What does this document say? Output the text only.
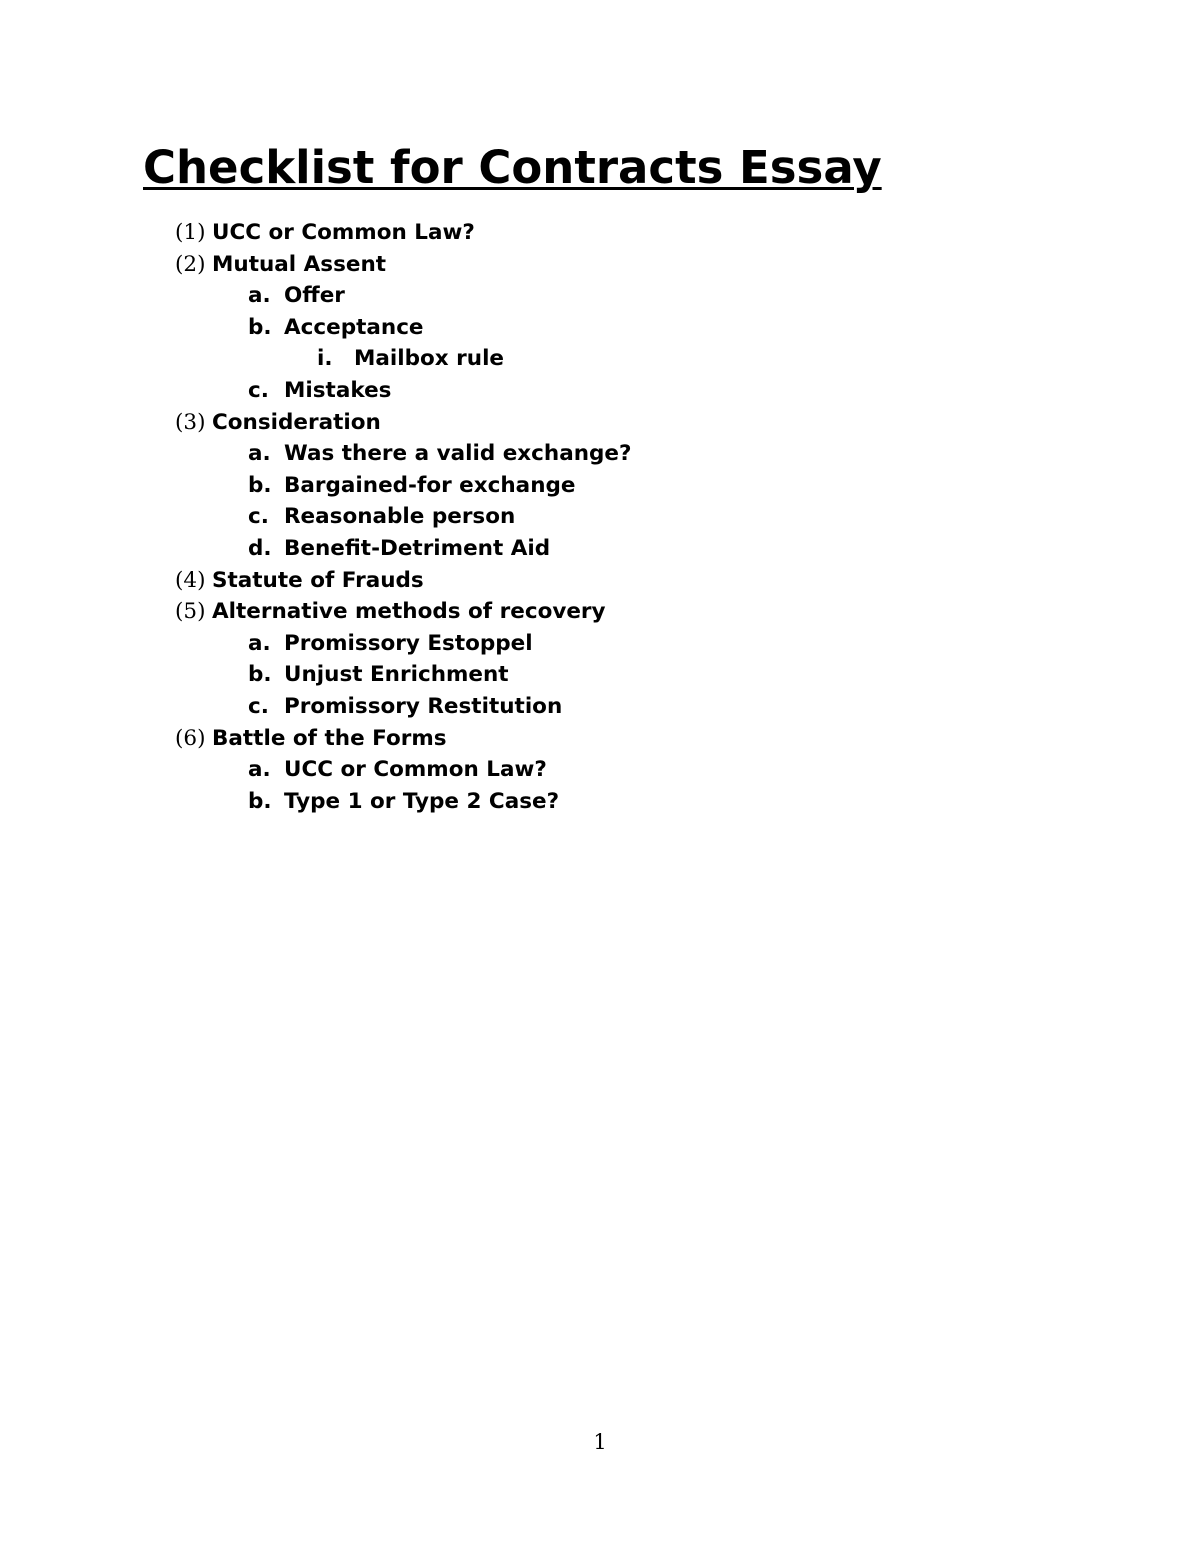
Checklist for Contracts Essay
(1) UCC or Common Law?
(2) Mutual Assent
a. Offer
b. Acceptance
i. Mailbox rule
c. Mistakes
(3) Consideration
a. Was there a valid exchange?
b. Bargained-for exchange
c. Reasonable person
d. Benefit-Detriment Aid
(4) Statute of Frauds
(5) Alternative methods of recovery
a. Promissory Estoppel
b. Unjust Enrichment
c. Promissory Restitution
(6) Battle of the Forms
a. UCC or Common Law?
b. Type 1 or Type 2 Case?
1
